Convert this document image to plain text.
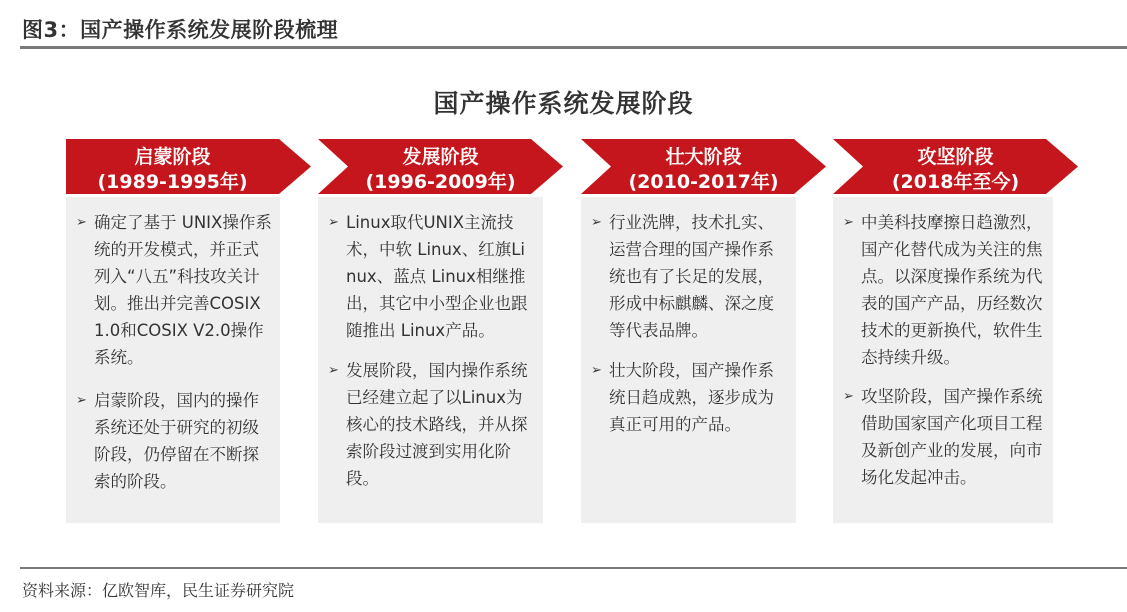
图3：国产操作系统发展阶段梳理
国产操作系统发展阶段
启蒙阶段
(1989-1995年)
➢ 确定了基于 UNIX操作系统的开发模式，并正式列入“八五”科技攻关计划。推出并完善COSIX1.0和COSIX V2.0操作系统。
➢ 启蒙阶段，国内的操作系统还处于研究的初级阶段，仍停留在不断探索的阶段。
发展阶段
(1996-2009年)
➢ Linux取代UNIX主流技术，中软 Linux、红旗Linux、蓝点 Linux相继推出，其它中小型企业也跟随推出 Linux产品。
➢ 发展阶段，国内操作系统已经建立起了以Linux为核心的技术路线，并从探索阶段过渡到实用化阶段。
壮大阶段
(2010-2017年)
➢ 行业洗牌，技术扎实、运营合理的国产操作系统也有了长足的发展，形成中标麒麟、深之度等代表品牌。
➢ 壮大阶段，国产操作系统日趋成熟，逐步成为真正可用的产品。
攻坚阶段
(2018年至今)
➢ 中美科技摩擦日趋激烈，国产化替代成为关注的焦点。以深度操作系统为代表的国产产品，历经数次技术的更新换代，软件生态持续升级。
➢ 攻坚阶段，国产操作系统借助国家国产化项目工程及新创产业的发展，向市场化发起冲击。
资料来源：亿欧智库，民生证券研究院
